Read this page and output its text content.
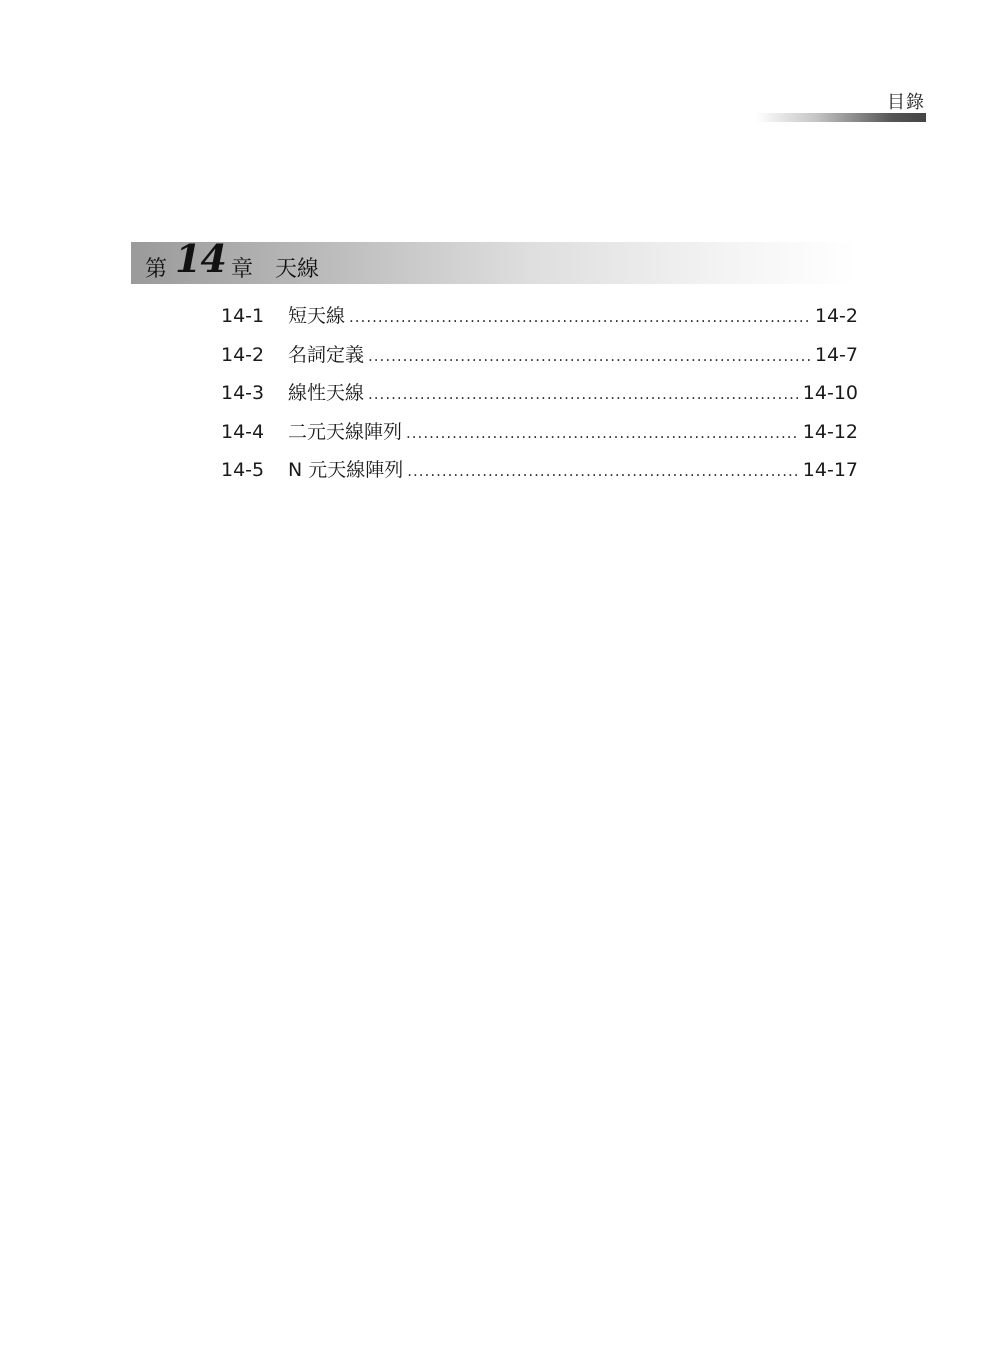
目錄
第 14 章 天線
14-1	短天線 .....	14-2
14-2	名詞定義 .....	14-7
14-3	線性天線 .....	14-10
14-4	二元天線陣列 .....	14-12
14-5	N 元天線陣列 .....	14-17
